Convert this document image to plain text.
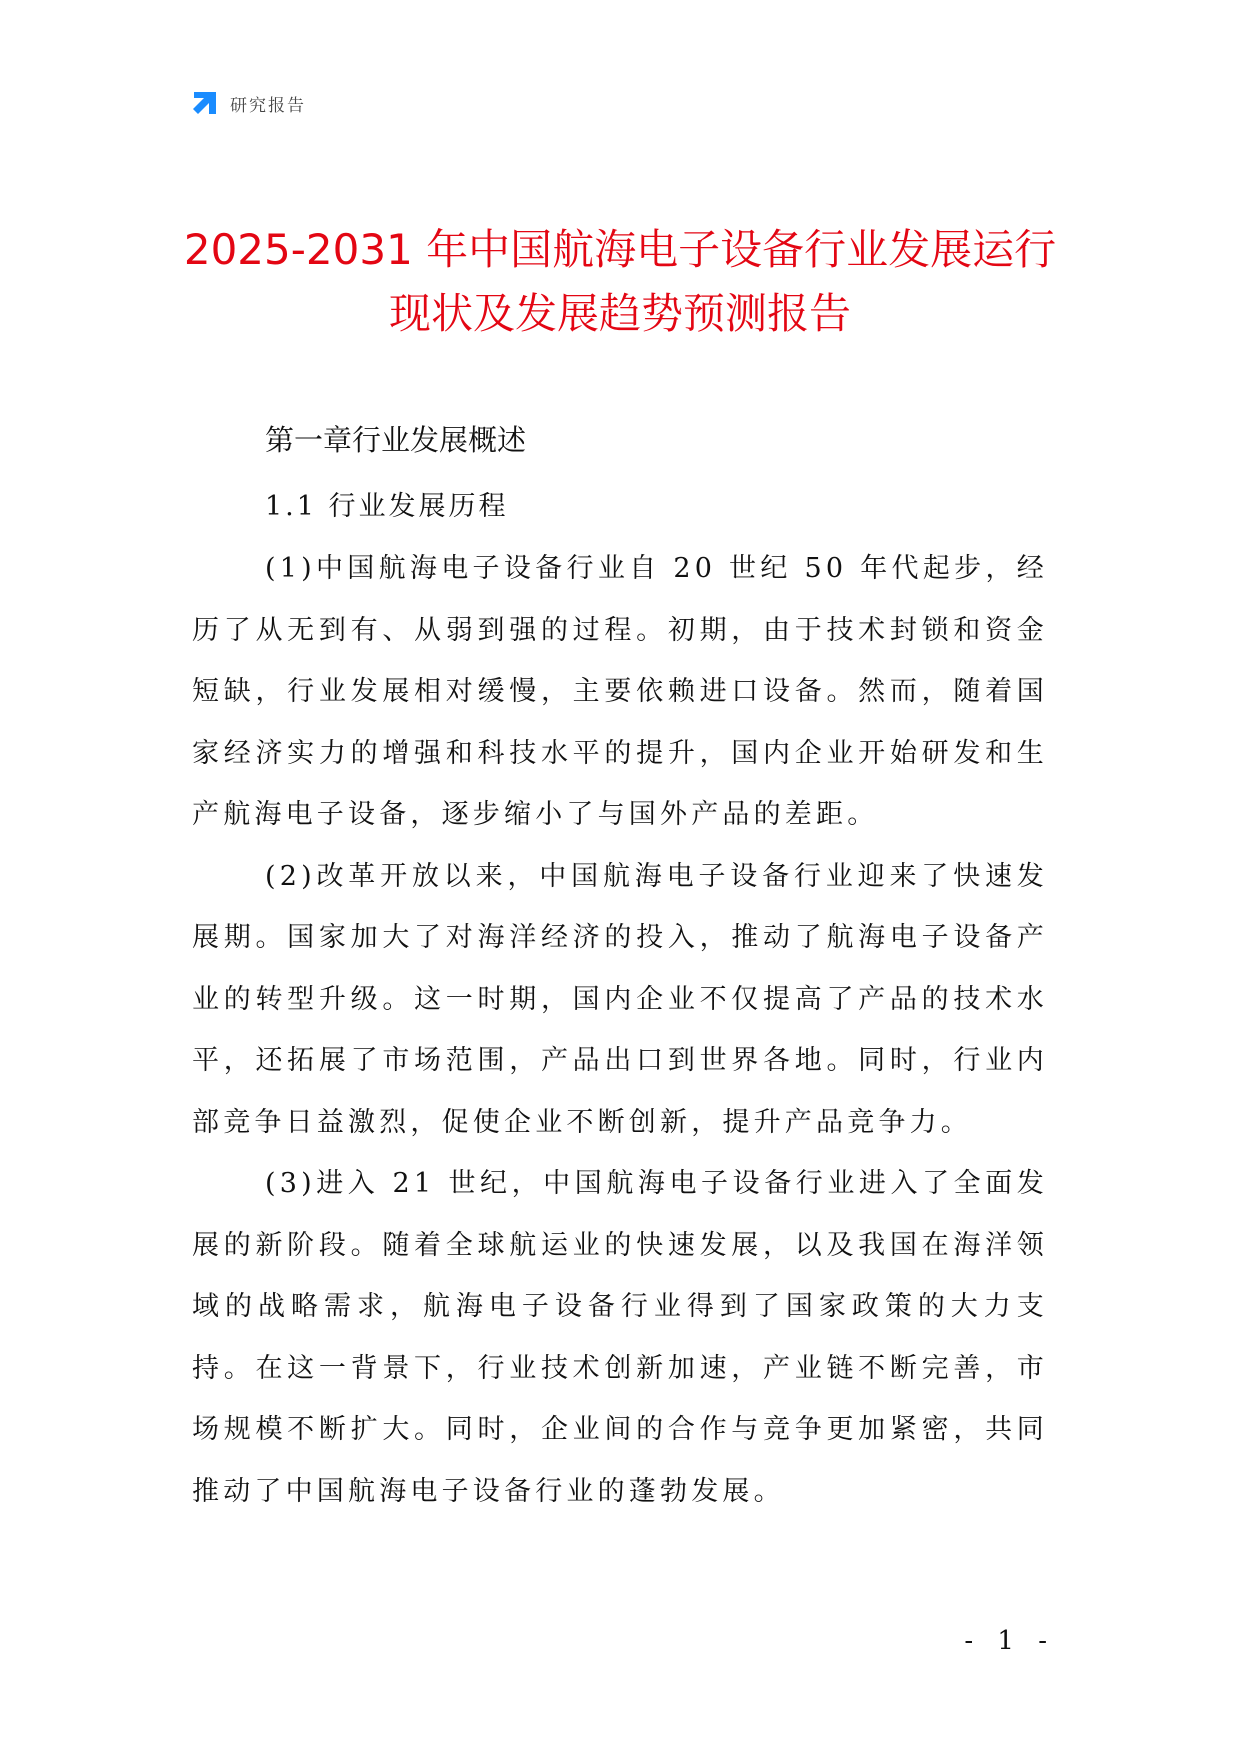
研究报告
2025-2031 年中国航海电子设备行业发展运行现状及发展趋势预测报告
第一章行业发展概述
1.1 行业发展历程

(1)中国航海电子设备行业自 20 世纪 50 年代起步，经历了从无到有、从弱到强的过程。初期，由于技术封锁和资金短缺，行业发展相对缓慢，主要依赖进口设备。然而，随着国家经济实力的增强和科技水平的提升，国内企业开始研发和生产航海电子设备，逐步缩小了与国外产品的差距。

(2)改革开放以来，中国航海电子设备行业迎来了快速发展期。国家加大了对海洋经济的投入，推动了航海电子设备产业的转型升级。这一时期，国内企业不仅提高了产品的技术水平，还拓展了市场范围，产品出口到世界各地。同时，行业内部竞争日益激烈，促使企业不断创新，提升产品竞争力。

(3)进入 21 世纪，中国航海电子设备行业进入了全面发展的新阶段。随着全球航运业的快速发展，以及我国在海洋领域的战略需求，航海电子设备行业得到了国家政策的大力支持。在这一背景下，行业技术创新加速，产业链不断完善，市场规模不断扩大。同时，企业间的合作与竞争更加紧密，共同推动了中国航海电子设备行业的蓬勃发展。

- 1 -
